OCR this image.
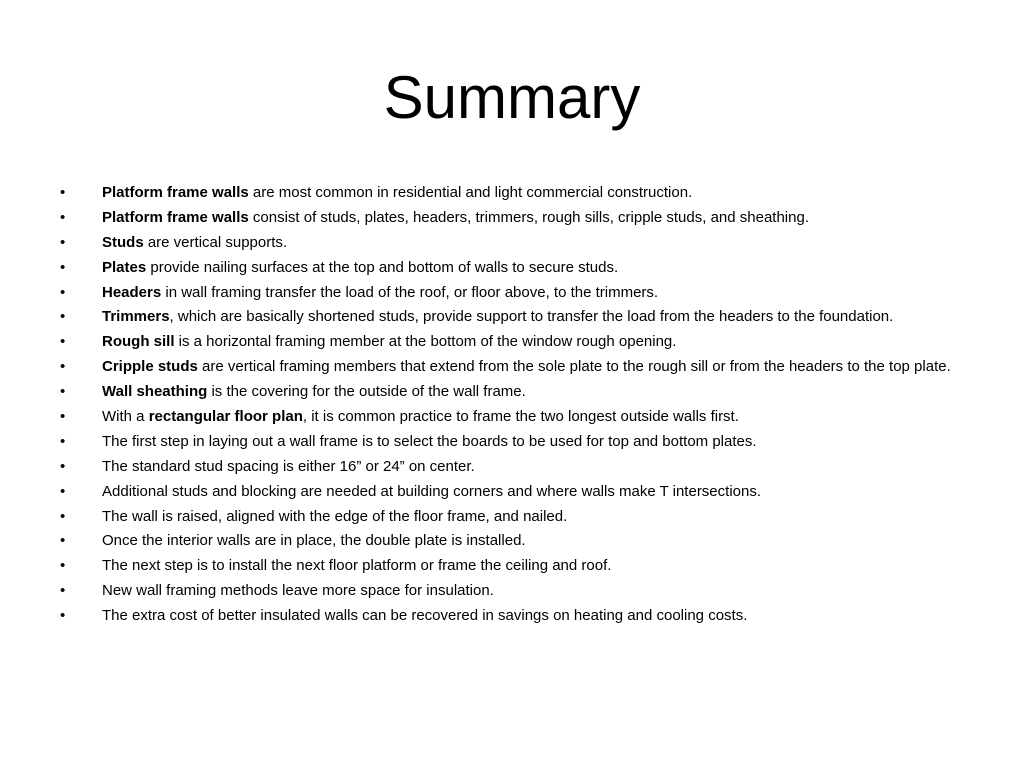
Summary
•	Platform frame walls are most common in residential and light commercial construction.
•	Platform frame walls consist of studs, plates, headers, trimmers, rough sills, cripple studs, and sheathing.
•	Studs are vertical supports.
•	Plates provide nailing surfaces at the top and bottom of walls to secure studs.
•	Headers in wall framing transfer the load of the roof, or floor above, to the trimmers.
•	Trimmers, which are basically shortened studs, provide support to transfer the load from the headers to the foundation.
•	Rough sill is a horizontal framing member at the bottom of the window rough opening.
•	Cripple studs are vertical framing members that extend from the sole plate to the rough sill or from the headers to the top plate.
•	Wall sheathing is the covering for the outside of the wall frame.
•	With a rectangular floor plan, it is common practice to frame the two longest outside walls first.
•	The first step in laying out a wall frame is to select the boards to be used for top and bottom plates.
•	The standard stud spacing is either 16” or 24” on center.
•	Additional studs and blocking are needed at building corners and where walls make T intersections.
•	The wall is raised, aligned with the edge of the floor frame, and nailed.
•	Once the interior walls are in place, the double plate is installed.
•	The next step is to install the next floor platform or frame the ceiling and roof.
•	New wall framing methods leave more space for insulation.
•	The extra cost of better insulated walls can be recovered in savings on heating and cooling costs.
